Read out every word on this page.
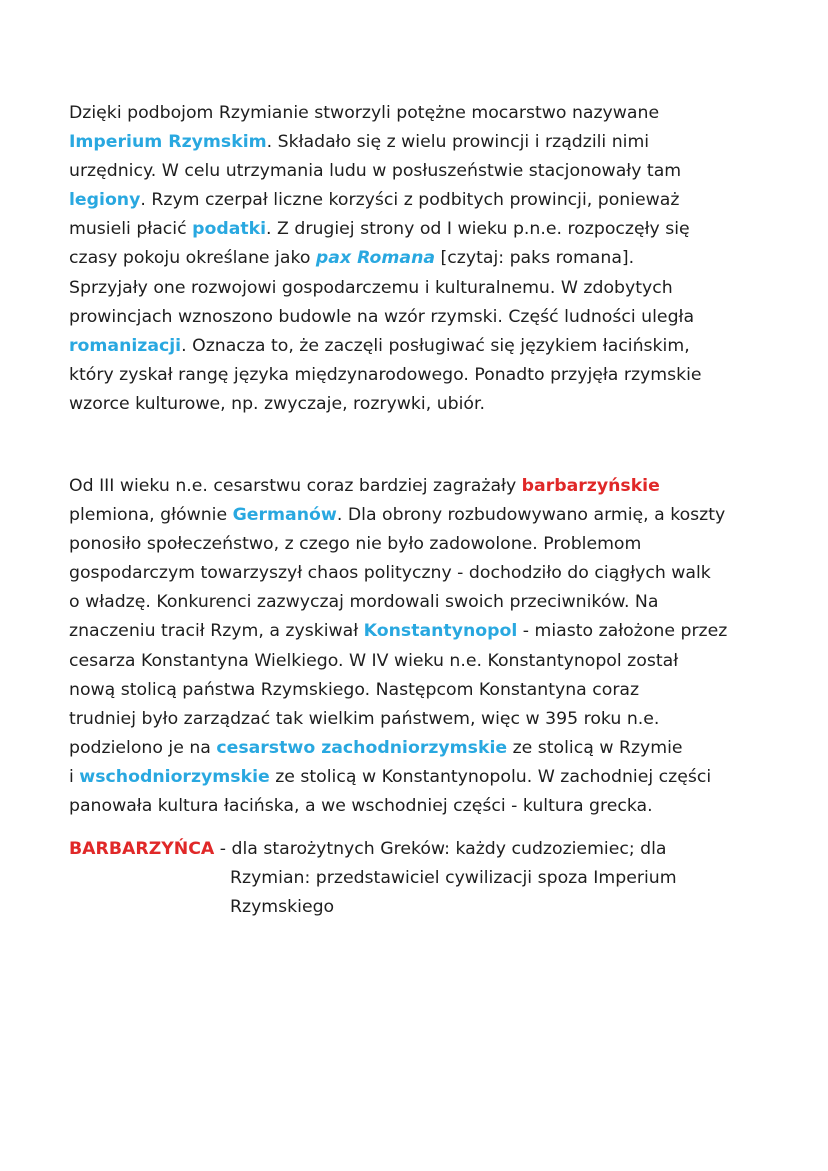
Dzięki podbojom Rzymianie stworzyli potężne mocarstwo nazywane
Imperium Rzymskim. Składało się z wielu prowincji i rządzili nimi
urzędnicy. W celu utrzymania ludu w posłuszeństwie stacjonowały tam
legiony. Rzym czerpał liczne korzyści z podbitych prowincji, ponieważ
musieli płacić podatki. Z drugiej strony od I wieku p.n.e. rozpoczęły się
czasy pokoju określane jako pax Romana [czytaj: paks romana].
Sprzyjały one rozwojowi gospodarczemu i kulturalnemu. W zdobytych
prowincjach wznoszono budowle na wzór rzymski. Część ludności uległa
romanizacji. Oznacza to, że zaczęli posługiwać się językiem łacińskim,
który zyskał rangę języka międzynarodowego. Ponadto przyjęła rzymskie
wzorce kulturowe, np. zwyczaje, rozrywki, ubiór.

Od III wieku n.e. cesarstwu coraz bardziej zagrażały barbarzyńskie
plemiona, głównie Germanów. Dla obrony rozbudowywano armię, a koszty
ponosiło społeczeństwo, z czego nie było zadowolone. Problemom
gospodarczym towarzyszył chaos polityczny - dochodziło do ciągłych walk
o władzę. Konkurenci zazwyczaj mordowali swoich przeciwników. Na
znaczeniu tracił Rzym, a zyskiwał Konstantynopol - miasto założone przez
cesarza Konstantyna Wielkiego. W IV wieku n.e. Konstantynopol został
nową stolicą państwa Rzymskiego. Następcom Konstantyna coraz
trudniej było zarządzać tak wielkim państwem, więc w 395 roku n.e.
podzielono je na cesarstwo zachodniorzymskie ze stolicą w Rzymie
i wschodniorzymskie ze stolicą w Konstantynopolu. W zachodniej części
panowała kultura łacińska, a we wschodniej części - kultura grecka.

BARBARZYŃCA - dla starożytnych Greków: każdy cudzoziemiec; dla
Rzymian: przedstawiciel cywilizacji spoza Imperium
Rzymskiego
